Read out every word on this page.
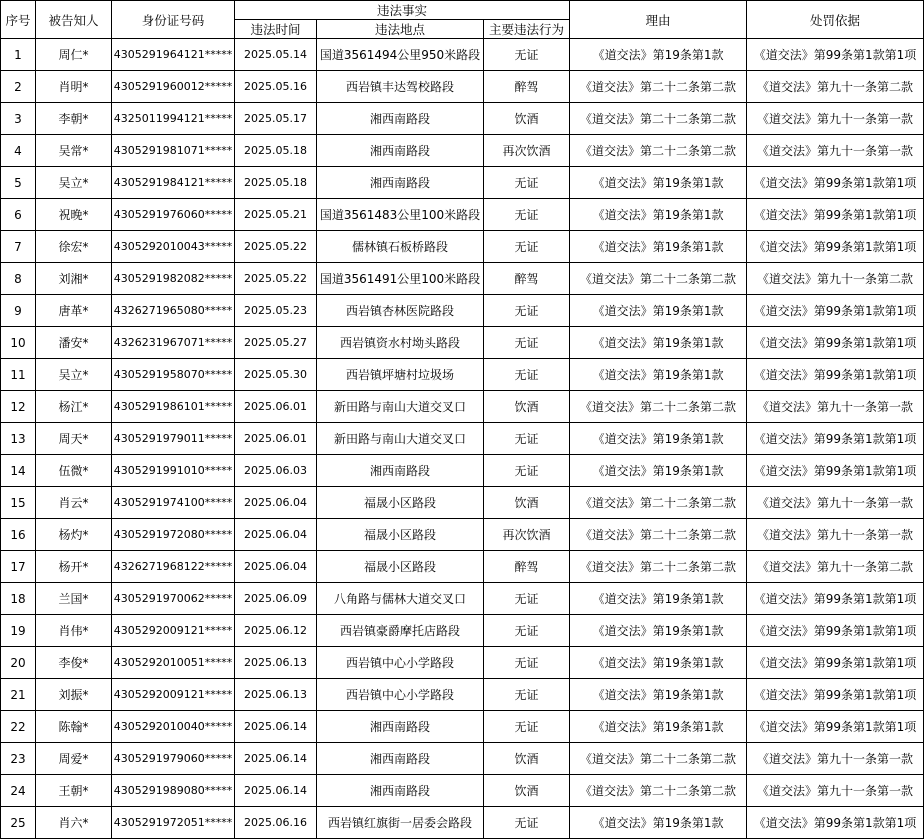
序号	被告知人	身份证号码	违法事实			理由	处罚依据
			违法时间	违法地点	主要违法行为		
1	周仁*	4305291964121*****	2025.05.14	国道3561494公里950米路段	无证	《道交法》第19条第1款	《道交法》第99条第1款第1项
2	肖明*	4305291960012*****	2025.05.16	西岩镇丰达驾校路段	醉驾	《道交法》第二十二条第二款	《道交法》第九十一条第二款
3	李朝*	4325011994121*****	2025.05.17	湘西南路段	饮酒	《道交法》第二十二条第二款	《道交法》第九十一条第一款
4	吴常*	4305291981071*****	2025.05.18	湘西南路段	再次饮酒	《道交法》第二十二条第二款	《道交法》第九十一条第一款
5	吴立*	4305291984121*****	2025.05.18	湘西南路段	无证	《道交法》第19条第1款	《道交法》第99条第1款第1项
6	祝晚*	4305291976060*****	2025.05.21	国道3561483公里100米路段	无证	《道交法》第19条第1款	《道交法》第99条第1款第1项
7	徐宏*	4305292010043*****	2025.05.22	儒林镇石板桥路段	无证	《道交法》第19条第1款	《道交法》第99条第1款第1项
8	刘湘*	4305291982082*****	2025.05.22	国道3561491公里100米路段	醉驾	《道交法》第二十二条第二款	《道交法》第九十一条第二款
9	唐革*	4326271965080*****	2025.05.23	西岩镇杏林医院路段	无证	《道交法》第19条第1款	《道交法》第99条第1款第1项
10	潘安*	4326231967071*****	2025.05.27	西岩镇资水村坳头路段	无证	《道交法》第19条第1款	《道交法》第99条第1款第1项
11	吴立*	4305291958070*****	2025.05.30	西岩镇坪塘村垃圾场	无证	《道交法》第19条第1款	《道交法》第99条第1款第1项
12	杨江*	4305291986101*****	2025.06.01	新田路与南山大道交叉口	饮酒	《道交法》第二十二条第二款	《道交法》第九十一条第一款
13	周天*	4305291979011*****	2025.06.01	新田路与南山大道交叉口	无证	《道交法》第19条第1款	《道交法》第99条第1款第1项
14	伍微*	4305291991010*****	2025.06.03	湘西南路段	无证	《道交法》第19条第1款	《道交法》第99条第1款第1项
15	肖云*	4305291974100*****	2025.06.04	福晟小区路段	饮酒	《道交法》第二十二条第二款	《道交法》第九十一条第一款
16	杨灼*	4305291972080*****	2025.06.04	福晟小区路段	再次饮酒	《道交法》第二十二条第二款	《道交法》第九十一条第一款
17	杨开*	4326271968122*****	2025.06.04	福晟小区路段	醉驾	《道交法》第二十二条第二款	《道交法》第九十一条第二款
18	兰国*	4305291970062*****	2025.06.09	八角路与儒林大道交叉口	无证	《道交法》第19条第1款	《道交法》第99条第1款第1项
19	肖伟*	4305292009121*****	2025.06.12	西岩镇豪爵摩托店路段	无证	《道交法》第19条第1款	《道交法》第99条第1款第1项
20	李俊*	4305292010051*****	2025.06.13	西岩镇中心小学路段	无证	《道交法》第19条第1款	《道交法》第99条第1款第1项
21	刘振*	4305292009121*****	2025.06.13	西岩镇中心小学路段	无证	《道交法》第19条第1款	《道交法》第99条第1款第1项
22	陈翰*	4305292010040*****	2025.06.14	湘西南路段	无证	《道交法》第19条第1款	《道交法》第99条第1款第1项
23	周爱*	4305291979060*****	2025.06.14	湘西南路段	饮酒	《道交法》第二十二条第二款	《道交法》第九十一条第一款
24	王朝*	4305291989080*****	2025.06.14	湘西南路段	饮酒	《道交法》第二十二条第二款	《道交法》第九十一条第一款
25	肖六*	4305291972051*****	2025.06.16	西岩镇红旗街一居委会路段	无证	《道交法》第19条第1款	《道交法》第99条第1款第1项
